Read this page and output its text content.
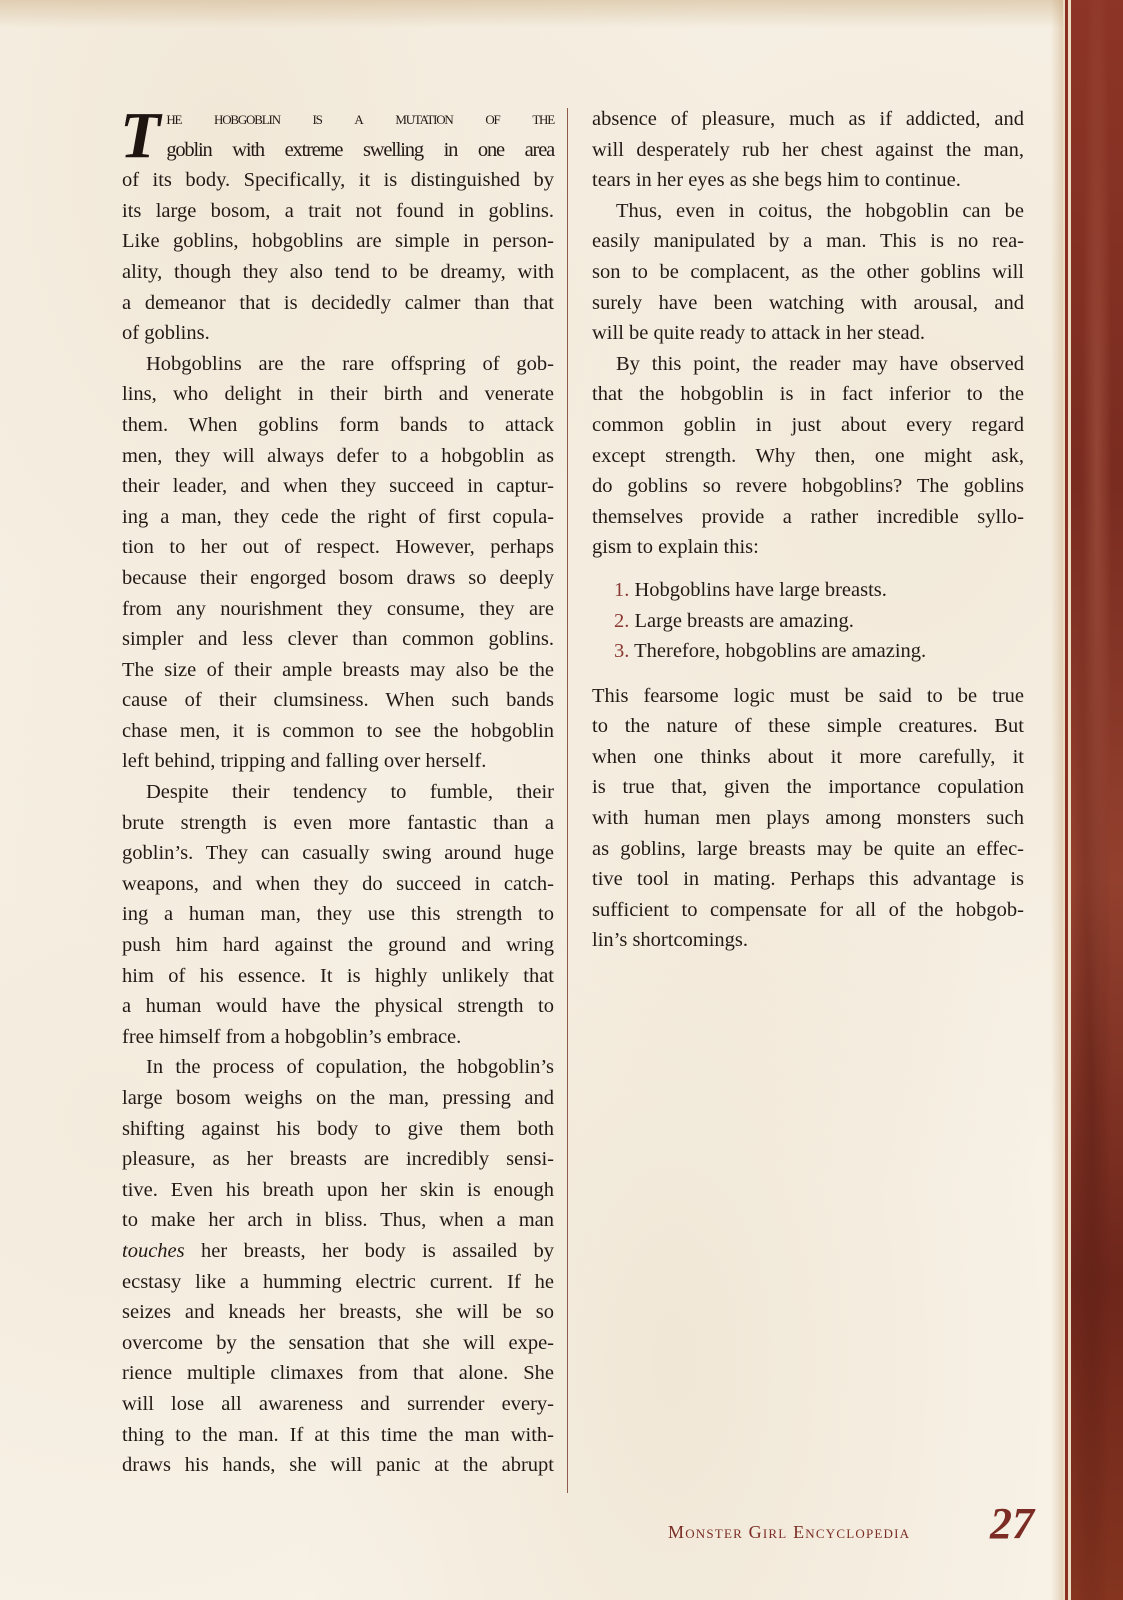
T he hobgoblin is a mutation of the
goblin with extreme swelling in one area
of its body. Specifically, it is distinguished by
its large bosom, a trait not found in goblins.
Like goblins, hobgoblins are simple in person-
ality, though they also tend to be dreamy, with
a demeanor that is decidedly calmer than that
of goblins.
Hobgoblins are the rare offspring of gob-
lins, who delight in their birth and venerate
them. When goblins form bands to attack
men, they will always defer to a hobgoblin as
their leader, and when they succeed in captur-
ing a man, they cede the right of first copula-
tion to her out of respect. However, perhaps
because their engorged bosom draws so deeply
from any nourishment they consume, they are
simpler and less clever than common goblins.
The size of their ample breasts may also be the
cause of their clumsiness. When such bands
chase men, it is common to see the hobgoblin
left behind, tripping and falling over herself.
Despite their tendency to fumble, their
brute strength is even more fantastic than a
goblin’s. They can casually swing around huge
weapons, and when they do succeed in catch-
ing a human man, they use this strength to
push him hard against the ground and wring
him of his essence. It is highly unlikely that
a human would have the physical strength to
free himself from a hobgoblin’s embrace.
In the process of copulation, the hobgoblin’s
large bosom weighs on the man, pressing and
shifting against his body to give them both
pleasure, as her breasts are incredibly sensi-
tive. Even his breath upon her skin is enough
to make her arch in bliss. Thus, when a man
touches her breasts, her body is assailed by
ecstasy like a humming electric current. If he
seizes and kneads her breasts, she will be so
overcome by the sensation that she will expe-
rience multiple climaxes from that alone. She
will lose all awareness and surrender every-
thing to the man. If at this time the man with-
draws his hands, she will panic at the abrupt
absence of pleasure, much as if addicted, and
will desperately rub her chest against the man,
tears in her eyes as she begs him to continue.
Thus, even in coitus, the hobgoblin can be
easily manipulated by a man. This is no rea-
son to be complacent, as the other goblins will
surely have been watching with arousal, and
will be quite ready to attack in her stead.
By this point, the reader may have observed
that the hobgoblin is in fact inferior to the
common goblin in just about every regard
except strength. Why then, one might ask,
do goblins so revere hobgoblins? The goblins
themselves provide a rather incredible syllo-
gism to explain this:
1. Hobgoblins have large breasts.
2. Large breasts are amazing.
3. Therefore, hobgoblins are amazing.
This fearsome logic must be said to be true
to the nature of these simple creatures. But
when one thinks about it more carefully, it
is true that, given the importance copulation
with human men plays among monsters such
as goblins, large breasts may be quite an effec-
tive tool in mating. Perhaps this advantage is
sufficient to compensate for all of the hobgob-
lin’s shortcomings.
Monster Girl Encyclopedia 27
